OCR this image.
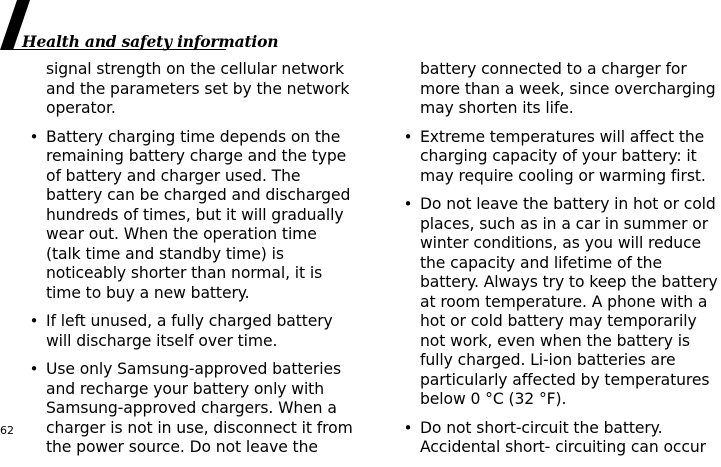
Health and safety information

signal strength on the cellular network and the parameters set by the network operator.

• Battery charging time depends on the remaining battery charge and the type of battery and charger used. The battery can be charged and discharged hundreds of times, but it will gradually wear out. When the operation time (talk time and standby time) is noticeably shorter than normal, it is time to buy a new battery.
• If left unused, a fully charged battery will discharge itself over time.
• Use only Samsung-approved batteries and recharge your battery only with Samsung-approved chargers. When a charger is not in use, disconnect it from the power source. Do not leave the

battery connected to a charger for more than a week, since overcharging may shorten its life.

• Extreme temperatures will affect the charging capacity of your battery: it may require cooling or warming first.
• Do not leave the battery in hot or cold places, such as in a car in summer or winter conditions, as you will reduce the capacity and lifetime of the battery. Always try to keep the battery at room temperature. A phone with a hot or cold battery may temporarily not work, even when the battery is fully charged. Li-ion batteries are particularly affected by temperatures below 0 °C (32 °F).
• Do not short-circuit the battery. Accidental short- circuiting can occur
62
